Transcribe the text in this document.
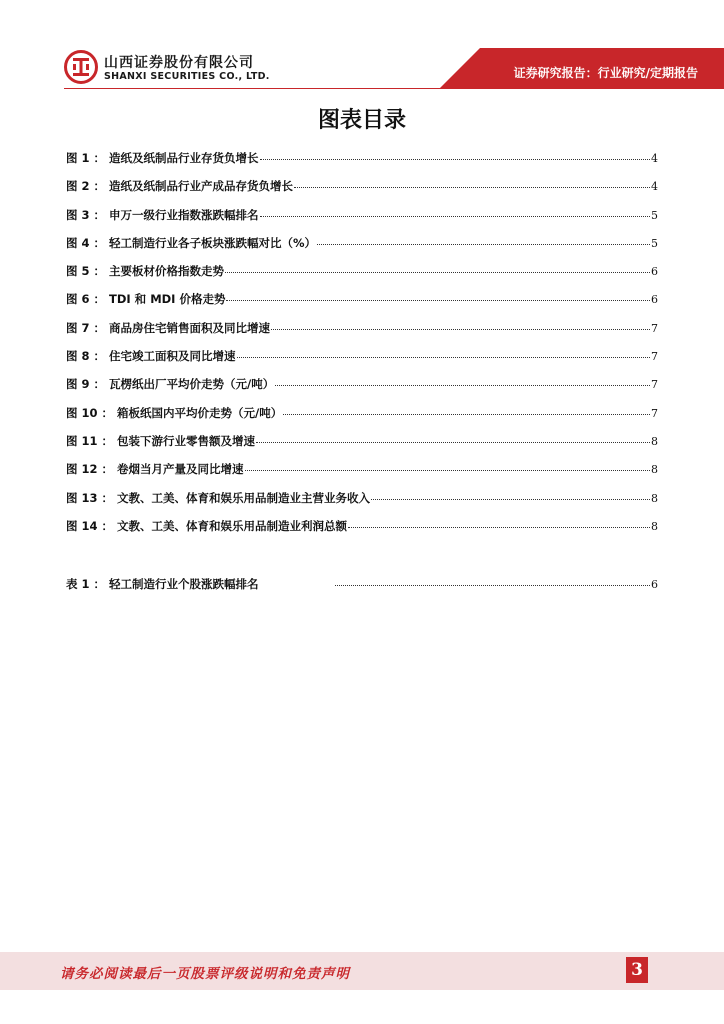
山西证券股份有限公司
SHANXI SECURITIES CO., LTD.	证券研究报告：行业研究/定期报告
图表目录
图 1 ： 造纸及纸制品行业存货负增长	4
图 2 ： 造纸及纸制品行业产成品存货负增长	4
图 3 ： 申万一级行业指数涨跌幅排名	5
图 4 ： 轻工制造行业各子板块涨跌幅对比（%）	5
图 5 ： 主要板材价格指数走势	6
图 6 ： TDI 和 MDI 价格走势	6
图 7 ： 商品房住宅销售面积及同比增速	7
图 8 ： 住宅竣工面积及同比增速	7
图 9 ： 瓦楞纸出厂平均价走势（元/吨）	7
图 10 ： 箱板纸国内平均价走势（元/吨）	7
图 11 ： 包装下游行业零售额及增速	8
图 12 ： 卷烟当月产量及同比增速	8
图 13 ： 文教、工美、体育和娱乐用品制造业主营业务收入	8
图 14 ： 文教、工美、体育和娱乐用品制造业利润总额	8
表 1 ： 轻工制造行业个股涨跌幅排名	6
请务必阅读最后一页股票评级说明和免责声明	3
